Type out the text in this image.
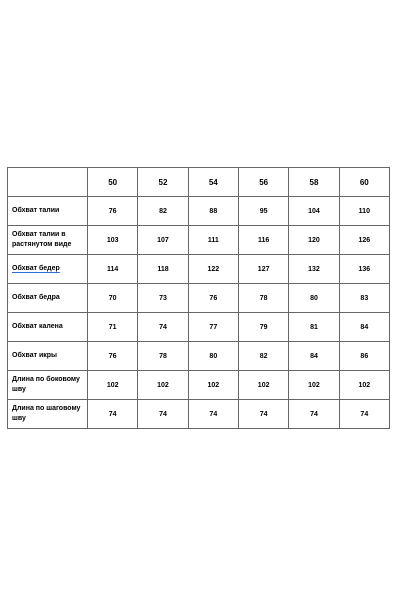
	50	52	54	56	58	60
Обхват талии	76	82	88	95	104	110
Обхват талии в растянутом виде	103	107	111	116	120	126
Обхват бедер	114	118	122	127	132	136
Обхват бедра	70	73	76	78	80	83
Обхват калена	71	74	77	79	81	84
Обхват икры	76	78	80	82	84	86
Длина по боковому шву	102	102	102	102	102	102
Длина по шаговому шву	74	74	74	74	74	74
